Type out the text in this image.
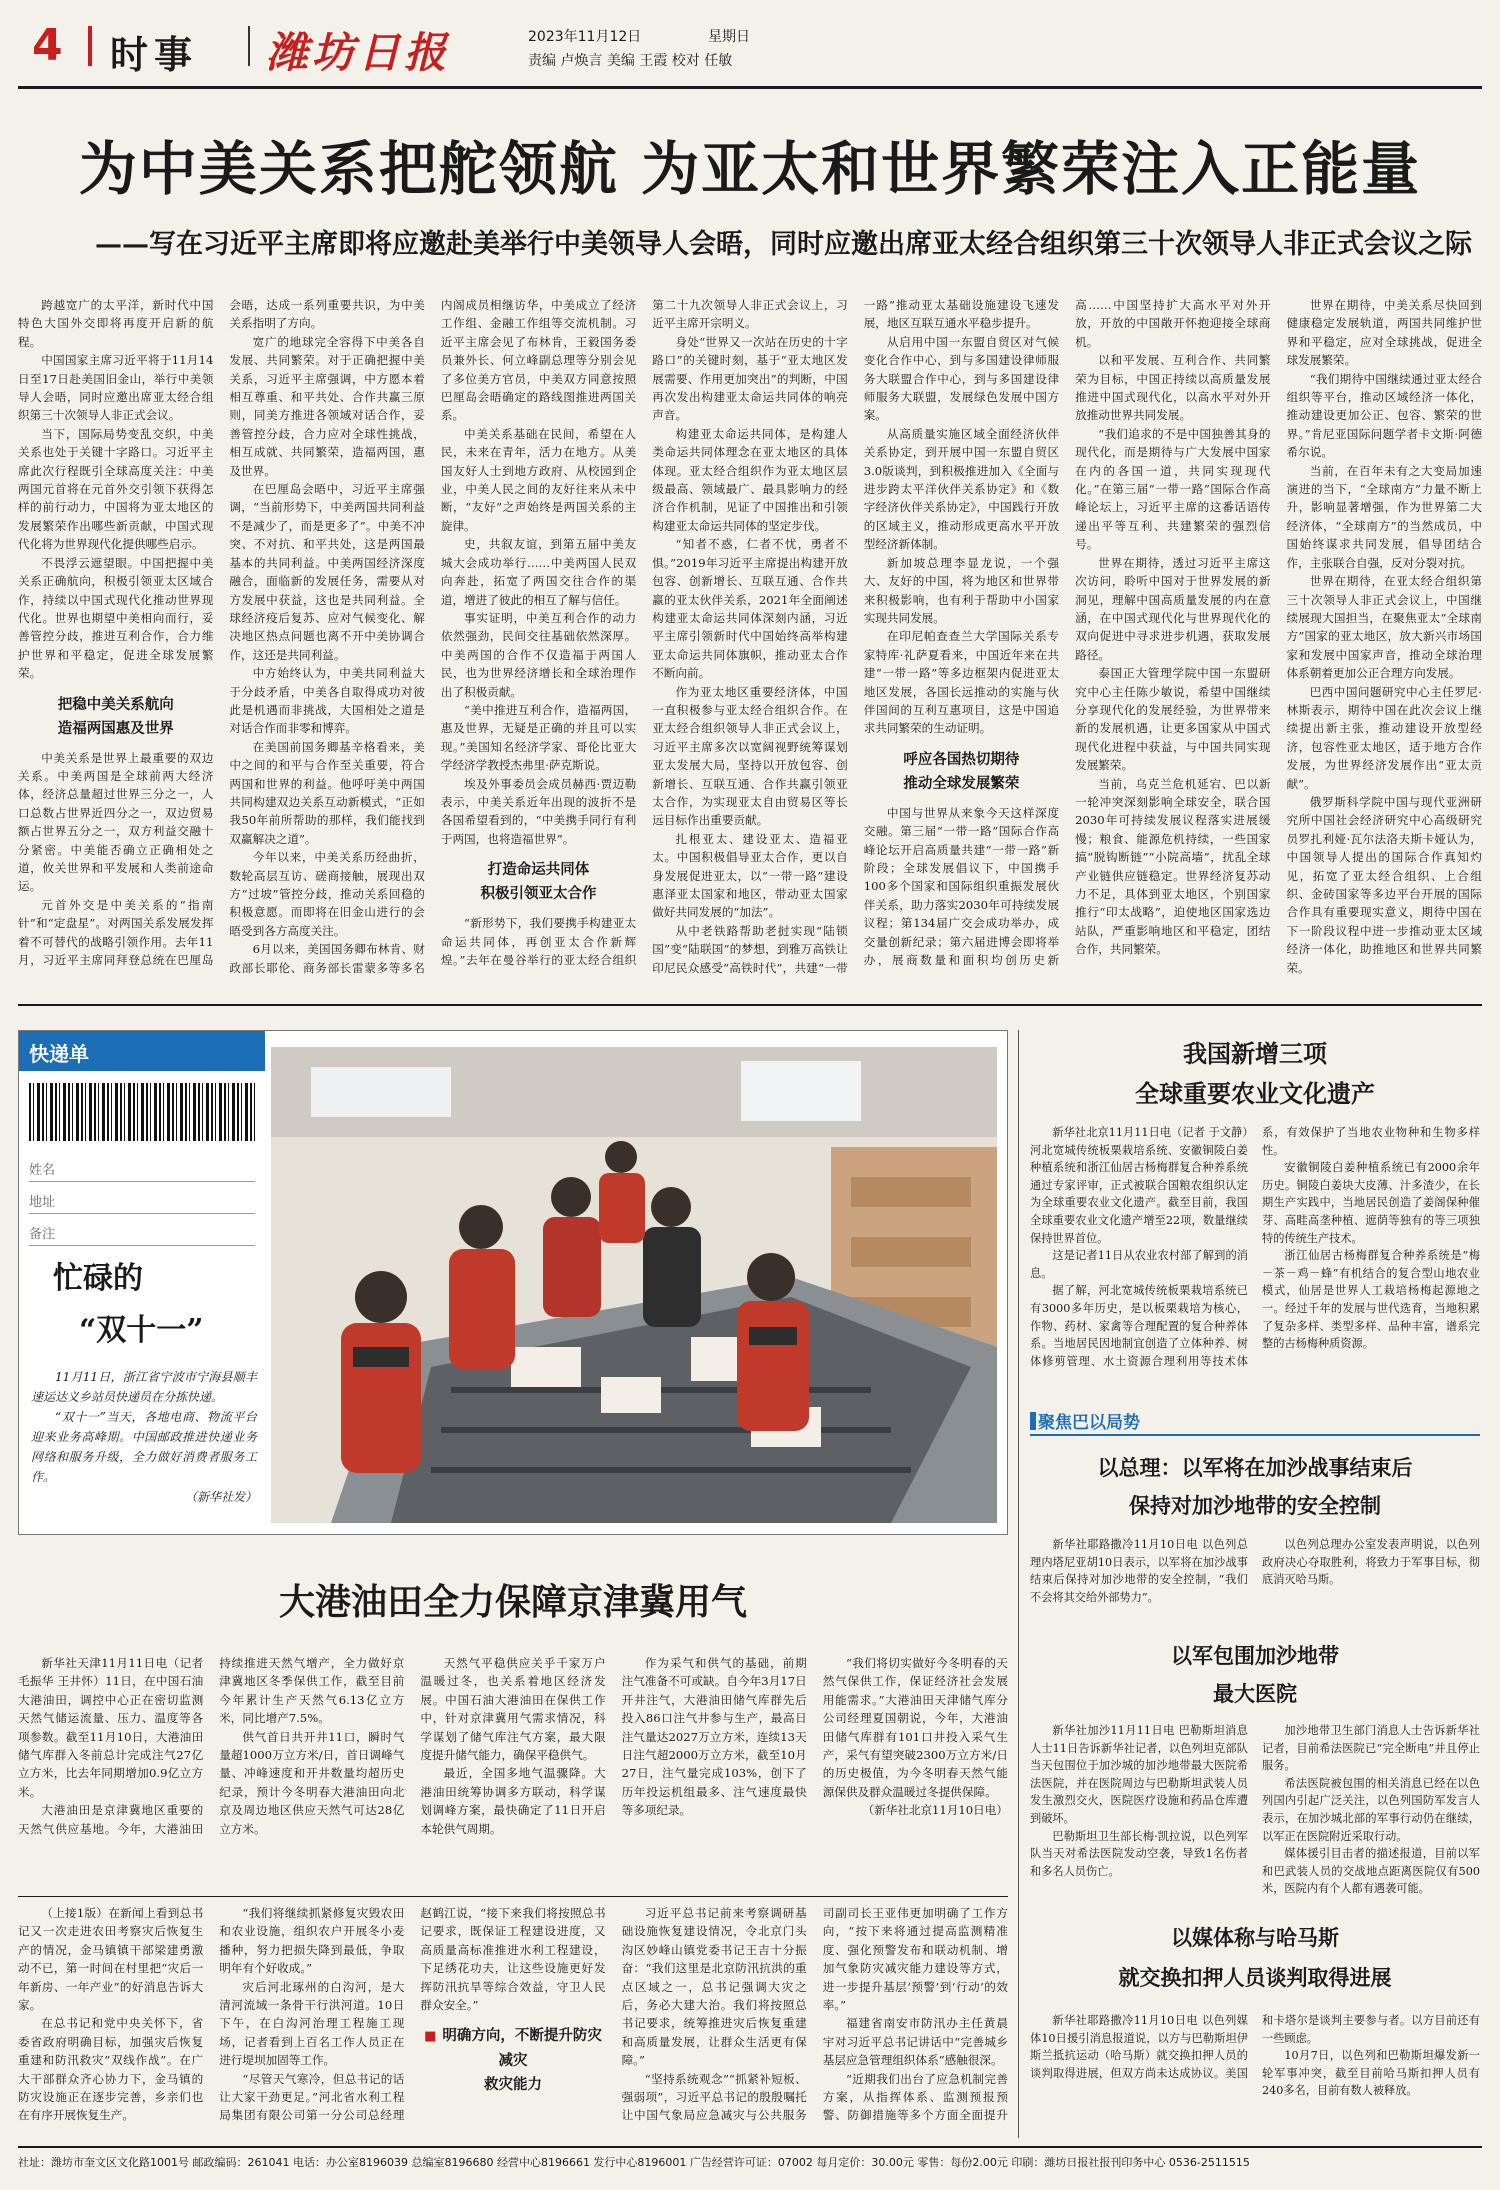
4 时事 潍坊日报	2023年11月12日	星期日
责编 卢焕言 美编 王霞 校对 任敏
为中美关系把舵领航 为亚太和世界繁荣注入正能量
——写在习近平主席即将应邀赴美举行中美领导人会晤，同时应邀出席亚太经合组织第三十次领导人非正式会议之际

跨越宽广的太平洋，新时代中国特色大国外交即将再度开启新的航程。

中国国家主席习近平将于11月14日至17日赴美国旧金山，举行中美领导人会晤，同时应邀出席亚太经合组织第三十次领导人非正式会议。

当下，国际局势变乱交织，中美关系也处于关键十字路口。习近平主席此次行程既引全球高度关注：中美两国元首将在元首外交引领下获得怎样的前行动力，中国将为亚太地区的发展繁荣作出哪些新贡献，中国式现代化将为世界现代化提供哪些启示。

不畏浮云遮望眼。中国把握中美关系正确航向，积极引领亚太区域合作，持续以中国式现代化推动世界现代化。世界也期望中美相向而行，妥善管控分歧，推进互利合作，合力维护世界和平稳定，促进全球发展繁荣。

把稳中美关系航向
造福两国惠及世界

中美关系是世界上最重要的双边关系。中美两国是全球前两大经济体，经济总量超过世界三分之一，人口总数占世界近四分之一，双边贸易额占世界五分之一，双方利益交融十分紧密。中美能否确立正确相处之道，攸关世界和平发展和人类前途命运。

元首外交是中美关系的“指南针”和“定盘星”。对两国关系发展发挥着不可替代的战略引领作用。去年11月，习近平主席同拜登总统在巴厘岛会晤，达成一系列重要共识，为中美关系指明了方向。

宽广的地球完全容得下中美各自发展、共同繁荣。对于正确把握中美关系，习近平主席强调，中方愿本着相互尊重、和平共处、合作共赢三原则，同美方推进各领域对话合作，妥善管控分歧，合力应对全球性挑战，相互成就、共同繁荣，造福两国，惠及世界。

在巴厘岛会晤中，习近平主席强调，“当前形势下，中美两国共同利益不是减少了，而是更多了”。中美不冲突、不对抗、和平共处，这是两国最基本的共同利益。中美两国经济深度融合，面临新的发展任务，需要从对方发展中获益，这也是共同利益。全球经济疫后复苏、应对气候变化、解决地区热点问题也离不开中美协调合作，这还是共同利益。

中方始终认为，中美共同利益大于分歧矛盾，中美各自取得成功对彼此是机遇而非挑战，大国相处之道是对话合作而非零和博弈。

在美国前国务卿基辛格看来，美中之间的和平与合作至关重要，符合两国和世界的利益。他呼吁美中两国共同构建双边关系互动新模式，“正如我50年前所帮助的那样，我们能找到双赢解决之道”。

今年以来，中美关系历经曲折，数轮高层互访、磋商接触，展现出双方“过坡”管控分歧，推动关系回稳的积极意愿。而即将在旧金山进行的会晤受到各方高度关注。

6月以来，美国国务卿布林肯、财政部长耶伦、商务部长雷蒙多等多名内阁成员相继访华，中美成立了经济工作组、金融工作组等交流机制。习近平主席会见了布林肯，王毅国务委员兼外长、何立峰副总理等分别会见了多位美方官员，中美双方同意按照巴厘岛会晤确定的路线图推进两国关系。

中美关系基础在民间，希望在人民，未来在青年，活力在地方。从美国友好人士到地方政府、从校园到企业，中美人民之间的友好往来从未中断，“友好”之声始终是两国关系的主旋律。

史，共叙友谊，到第五届中美友城大会成功举行……中美两国人民双向奔赴，拓宽了两国交往合作的渠道，增进了彼此的相互了解与信任。

事实证明，中美互利合作的动力依然强劲，民间交往基础依然深厚。中美两国的合作不仅造福于两国人民，也为世界经济增长和全球治理作出了积极贡献。

“美中推进互利合作，造福两国，惠及世界，无疑是正确的并且可以实现。”美国知名经济学家、哥伦比亚大学经济学教授杰弗里·萨克斯说。

埃及外事委员会成员赫西·贾迈勒表示，中美关系近年出现的波折不是各国希望看到的，“中美携手同行有利于两国，也将造福世界”。

打造命运共同体
积极引领亚太合作

“新形势下，我们要携手构建亚太命运共同体，再创亚太合作新辉煌。”去年在曼谷举行的亚太经合组织第二十九次领导人非正式会议上，习近平主席开宗明义。

身处“世界又一次站在历史的十字路口”的关键时刻，基于“亚太地区发展需要、作用更加突出”的判断，中国再次发出构建亚太命运共同体的响亮声音。

构建亚太命运共同体，是构建人类命运共同体理念在亚太地区的具体体现。亚太经合组织作为亚太地区层级最高、领域最广、最具影响力的经济合作机制，见证了中国推出和引领构建亚太命运共同体的坚定步伐。

“知者不惑，仁者不忧，勇者不惧。”2019年习近平主席提出构建开放包容、创新增长、互联互通、合作共赢的亚太伙伴关系，2021年全面阐述构建亚太命运共同体深刻内涵，习近平主席引领新时代中国始终高举构建亚太命运共同体旗帜，推动亚太合作不断向前。

作为亚太地区重要经济体，中国一直积极参与亚太经合组织合作。在亚太经合组织领导人非正式会议上，习近平主席多次以宽阔视野统筹谋划亚太发展大局，坚持以开放包容、创新增长、互联互通、合作共赢引领亚太合作，为实现亚太自由贸易区等长远目标作出重要贡献。

扎根亚太、建设亚太、造福亚太。中国积极倡导亚太合作，更以自身发展促进亚太，以“一带一路”建设惠泽亚太国家和地区，带动亚太国家做好共同发展的“加法”。

从中老铁路帮助老挝实现“陆锁国”变“陆联国”的梦想，到雅万高铁让印尼民众感受“高铁时代”，共建“一带一路”推动亚太基础设施建设飞速发展，地区互联互通水平稳步提升。

从启用中国一东盟自贸区对气候变化合作中心，到与多国建设律师服务大联盟合作中心，到与多国建设律师服务大联盟，发展绿色发展中国方案。

从高质量实施区域全面经济伙伴关系协定，到开展中国一东盟自贸区3.0版谈判，到积极推进加入《全面与进步跨太平洋伙伴关系协定》和《数字经济伙伴关系协定》，中国践行开放的区域主义，推动形成更高水平开放型经济新体制。

新加坡总理李显龙说，一个强大、友好的中国，将为地区和世界带来积极影响，也有利于帮助中小国家实现共同发展。

在印尼帕查查兰大学国际关系专家特库·礼萨夏看来，中国近年来在共建“一带一路”等多边框架内促进亚太地区发展，各国长远推动的实施与伙伴国间的互利互惠项目，这是中国追求共同繁荣的生动证明。

呼应各国热切期待
推动全球发展繁荣

中国与世界从来象今天这样深度交融。第三届“一带一路”国际合作高峰论坛开启高质量共建“一带一路”新阶段；全球发展倡议下，中国携手100多个国家和国际组织重振发展伙伴关系，助力落实2030年可持续发展议程；第134届广交会成功举办，成交量创新纪录；第六届进博会即将举办，展商数量和面积均创历史新高……中国坚持扩大高水平对外开放，开放的中国敞开怀抱迎接全球商机。

以和平发展、互利合作、共同繁荣为目标，中国正持续以高质量发展推进中国式现代化，以高水平对外开放推动世界共同发展。

“我们追求的不是中国独善其身的现代化，而是期待与广大发展中国家在内的各国一道，共同实现现代化。”在第三届“一带一路”国际合作高峰论坛上，习近平主席的这番话语传递出平等互利、共建繁荣的强烈信号。

世界在期待，透过习近平主席这次访问，聆听中国对于世界发展的新洞见，理解中国高质量发展的内在意涵，在中国式现代化与世界现代化的双向促进中寻求进步机遇，获取发展路径。

泰国正大管理学院中国一东盟研究中心主任陈少敏说，希望中国继续分享现代化的发展经验，为世界带来新的发展机遇，让更多国家从中国式现代化进程中获益，与中国共同实现发展繁荣。

当前，乌克兰危机延宕、巴以新一轮冲突深刻影响全球安全，联合国2030年可持续发展议程落实进展缓慢；粮食、能源危机持续，一些国家搞“脱钩断链”“小院高墙”，扰乱全球产业链供应链稳定。世界经济复苏动力不足，具体到亚太地区，个别国家推行“印太战略”，迫使地区国家选边站队，严重影响地区和平稳定，团结合作，共同繁荣。

世界在期待，中美关系尽快回到健康稳定发展轨道，两国共同维护世界和平稳定，应对全球挑战，促进全球发展繁荣。

“我们期待中国继续通过亚太经合组织等平台，推动区域经济一体化，推动建设更加公正、包容、繁荣的世界。”肯尼亚国际问题学者卡文斯·阿德希尔说。

当前，在百年未有之大变局加速演进的当下，“全球南方”力量不断上升，影响显著增强，作为世界第二大经济体，“全球南方”的当然成员，中国始终谋求共同发展，倡导团结合作，主张联合自强，反对分裂对抗。

世界在期待，在亚太经合组织第三十次领导人非正式会议上，中国继续展现大国担当，在聚焦亚太“全球南方”国家的亚太地区，放大新兴市场国家和发展中国家声音，推动全球治理体系朝着更加公正合理方向发展。

巴西中国问题研究中心主任罗尼·林斯表示，期待中国在此次会议上继续提出新主张，推动建设开放型经济，包容性亚太地区，适于地方合作发展，为世界经济发展作出“亚太贡献”。

俄罗斯科学院中国与现代亚洲研究所中国社会经济研究中心高级研究员罗扎利娅·瓦尔法洛夫斯卡娅认为，中国领导人提出的国际合作真知灼见，拓宽了亚太经合组织、上合组织、金砖国家等多边平台开展的国际合作具有重要现实意义，期待中国在下一阶段议程中进一步推动亚太区域经济一体化，助推地区和世界共同繁荣。

快递单
姓名
地址
备注
忙碌的
“双十一”

11月11日，浙江省宁波市宁海县顺丰速运达义乡站员快递员在分拣快递。

“双十一”当天，各地电商、物流平台迎来业务高峰期。中国邮政推进快递业务网络和服务升级，全力做好消费者服务工作。

（新华社发）

大港油田全力保障京津冀用气

新华社天津11月11日电（记者 毛振华 王井怀）11日，在中国石油大港油田，调控中心正在密切监测天然气储运流量、压力、温度等各项参数。截至11月10日，大港油田储气库群入冬前总计完成注气27亿立方米，比去年同期增加0.9亿立方米。

大港油田是京津冀地区重要的天然气供应基地。今年，大港油田持续推进天然气增产，全力做好京津冀地区冬季保供工作，截至目前今年累计生产天然气6.13亿立方米，同比增产7.5%。

供气首日共开井11口，瞬时气量超1000万立方米/日，首日调峰气量、冲峰速度和开井数量均超历史纪录，预计今冬明春大港油田向北京及周边地区供应天然气可达28亿立方米。

天然气平稳供应关乎千家万户温暖过冬，也关系着地区经济发展。中国石油大港油田在保供工作中，针对京津冀用气需求情况，科学谋划了储气库注气方案，最大限度提升储气能力，确保平稳供气。

最近，全国多地气温骤降。大港油田统筹协调多方联动，科学谋划调峰方案，最快确定了11日开启本轮供气周期。

作为采气和供气的基础，前期注气准备不可或缺。自今年3月17日开井注气，大港油田储气库群先后投入86口注气井参与生产，最高日注气量达2027万立方米，连续13天日注气超2000万立方米，截至10月27日，注气量完成103%，创下了历年投运机组最多、注气速度最快等多项纪录。

“我们将切实做好今冬明春的天然气保供工作，保证经济社会发展用能需求。”大港油田天津储气库分公司经理夏国朝说，今年，大港油田储气库群有101口井投入采气生产，采气有望突破2300万立方米/日的历史极值，为今冬明春天然气能源保供及群众温暖过冬提供保障。

（新华社北京11月10日电）

（上接1版）在新闻上看到总书记又一次走进农田考察灾后恢复生产的情况，金马镇镇干部梁建勇激动不已，第一时间在村里把“灾后一年新房、一年产业”的好消息告诉大家。

在总书记和党中央关怀下，省委省政府明确目标，加强灾后恢复重建和防汛救灾“双线作战”。在广大干部群众齐心协力下，金马镇的防灾设施正在逐步完善，乡亲们也在有序开展恢复生产。

“我们将继续抓紧修复灾毁农田和农业设施，组织农户开展冬小麦播种，努力把损失降到最低，争取明年有个好收成。”

灾后河北琢州的白沟河，是大清河流域一条骨干行洪河道。10日下午，在白沟河治理工程施工现场，记者看到上百名工作人员正在进行堤坝加固等工作。

“尽管天气寒冷，但总书记的话让大家干劲更足。”河北省水利工程局集团有限公司第一分公司总经理赵鹤江说，“接下来我们将按照总书记要求，既保证工程建设进度，又高质量高标准推进水利工程建设，下足绣花功夫，让这些设施更好发挥防汛抗旱等综合效益，守卫人民群众安全。”

■ 明确方向，不断提升防灾减灾
救灾能力

习近平总书记前来考察调研基础设施恢复建设情况，令北京门头沟区妙峰山镇党委书记王吉十分振奋：“我们这里是北京防汛抗洪的重点区域之一，总书记强调大灾之后，务必大建大治。我们将按照总书记要求，统筹推进灾后恢复重建和高质量发展，让群众生活更有保障。”

“坚持系统观念”“抓紧补短板、强弱项”，习近平总书记的殷殷嘱托让中国气象局应急减灾与公共服务司副司长王亚伟更加明确了工作方向，“按下来将通过提高监测精准度、强化预警发布和联动机制、增加气象防灾减灾能力建设等方式，进一步提升基层‘预警’到‘行动’的效率。”

福建省南安市防汛办主任黄晨宇对习近平总书记讲话中“完善城乡基层应急管理组织体系”感触很深。

“近期我们出台了应急机制完善方案，从指挥体系、监测预报预警、防御措施等多个方面全面提升

我国新增三项
全球重要农业文化遗产

新华社北京11月11日电（记者 于文静）河北宽城传统板栗栽培系统、安徽铜陵白姜种植系统和浙江仙居古杨梅群复合种养系统通过专家评审，正式被联合国粮农组织认定为全球重要农业文化遗产。截至目前，我国全球重要农业文化遗产增至22项，数量继续保持世界首位。

这是记者11日从农业农村部了解到的消息。

据了解，河北宽城传统板栗栽培系统已有3000多年历史，是以板栗栽培为核心，作物、药材、家禽等合理配置的复合种养体系。当地居民因地制宜创造了立体种养、树体修剪管理、水土资源合理利用等技术体系，有效保护了当地农业物种和生物多样性。

安徽铜陵白姜种植系统已有2000余年历史。铜陵白姜块大皮薄、汁多渣少，在长期生产实践中，当地居民创造了姜阁保种催芽、高畦高垄种植、遮荫等独有的等三项独特的传统生产技术。

浙江仙居古杨梅群复合种养系统是“梅－茶－鸡－蜂”有机结合的复合型山地农业模式，仙居是世界人工栽培杨梅起源地之一。经过千年的发展与世代选育，当地积累了复杂多样、类型多样、品种丰富，谱系完整的古杨梅种质资源。

聚焦巴以局势
以总理：以军将在加沙战事结束后
保持对加沙地带的安全控制

新华社耶路撒冷11月10日电 以色列总理内塔尼亚胡10日表示，以军将在加沙战事结束后保持对加沙地带的安全控制，“我们不会将其交给外部势力”。

以色列总理办公室发表声明说，以色列政府决心夺取胜利，将致力于军事目标，彻底消灭哈马斯。

以军包围加沙地带
最大医院

新华社加沙11月11日电 巴勒斯坦消息人士11日告诉新华社记者，以色列坦克部队当天包围位于加沙城的加沙地带最大医院希法医院，并在医院周边与巴勒斯坦武装人员发生激烈交火，医院医疗设施和药品仓库遭到破坏。

巴勒斯坦卫生部长梅·凯拉说，以色列军队当天对希法医院发动空袭，导致1名伤者和多名人员伤亡。

加沙地带卫生部门消息人士告诉新华社记者，目前希法医院已“完全断电”并且停止服务。

希法医院被包围的相关消息已经在以色列国内引起广泛关注，以色列国防军发言人表示，在加沙城北部的军事行动仍在继续，以军正在医院附近采取行动。

媒体援引目击者的描述报道，目前以军和巴武装人员的交战地点距离医院仅有500米，医院内有个人都有遇袭可能。

以媒体称与哈马斯
就交换扣押人员谈判取得进展

新华社耶路撒冷11月10日电 以色列媒体10日援引消息报道说，以方与巴勒斯坦伊斯兰抵抗运动（哈马斯）就交换扣押人员的谈判取得进展，但双方尚未达成协议。美国和卡塔尔是谈判主要参与者。以方目前还有一些顾虑。

10月7日，以色列和巴勒斯坦爆发新一轮军事冲突，截至目前哈马斯扣押人员有240多名，目前有数人被释放。

社址：潍坊市奎文区文化路1001号 邮政编码：261041 电话：办公室8196039 总编室8196680 经营中心8196661 发行中心8196001 广告经营许可证：07002 每月定价：30.00元 零售：每份2.00元 印刷：潍坊日报社报刊印务中心 0536-2511515
